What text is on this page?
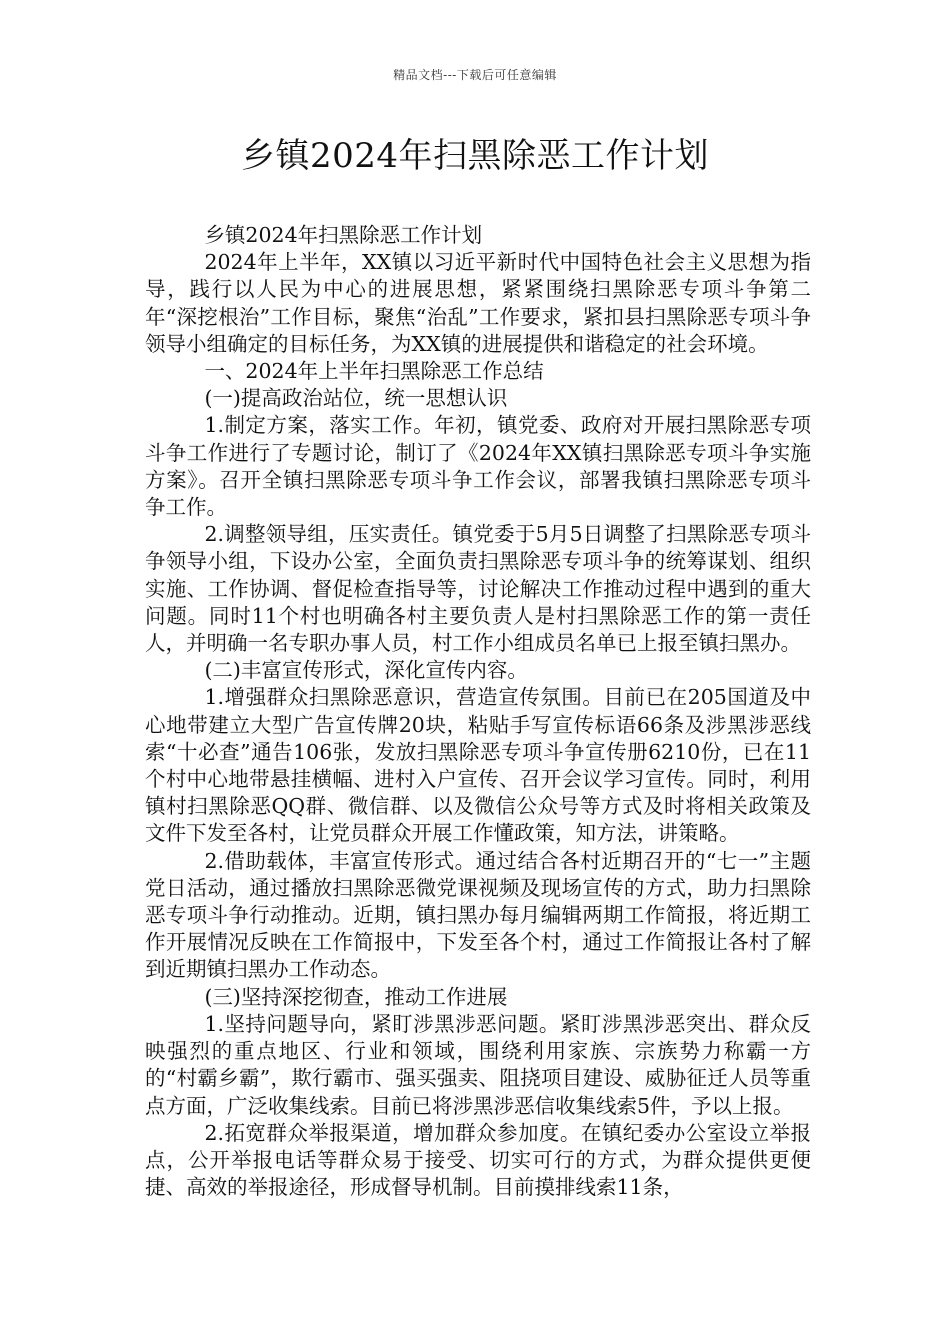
精品文档---下载后可任意编辑
乡镇2024年扫黑除恶工作计划

乡镇2024年扫黑除恶工作计划

2024年上半年，XX镇以习近平新时代中国特色社会主义思想为指导，践行以人民为中心的进展思想，紧紧围绕扫黑除恶专项斗争第二年“深挖根治”工作目标，聚焦“治乱”工作要求，紧扣县扫黑除恶专项斗争领导小组确定的目标任务，为XX镇的进展提供和谐稳定的社会环境。

一、2024年上半年扫黑除恶工作总结

(一)提高政治站位，统一思想认识

1.制定方案，落实工作。年初，镇党委、政府对开展扫黑除恶专项斗争工作进行了专题讨论，制订了《2024年XX镇扫黑除恶专项斗争实施方案》。召开全镇扫黑除恶专项斗争工作会议，部署我镇扫黑除恶专项斗争工作。

2.调整领导组，压实责任。镇党委于5月5日调整了扫黑除恶专项斗争领导小组，下设办公室，全面负责扫黑除恶专项斗争的统筹谋划、组织实施、工作协调、督促检查指导等，讨论解决工作推动过程中遇到的重大问题。同时11个村也明确各村主要负责人是村扫黑除恶工作的第一责任人，并明确一名专职办事人员，村工作小组成员名单已上报至镇扫黑办。

(二)丰富宣传形式，深化宣传内容。

1.增强群众扫黑除恶意识，营造宣传氛围。目前已在205国道及中心地带建立大型广告宣传牌20块，粘贴手写宣传标语66条及涉黑涉恶线索“十必查”通告106张，发放扫黑除恶专项斗争宣传册6210份，已在11个村中心地带悬挂横幅、进村入户宣传、召开会议学习宣传。同时，利用镇村扫黑除恶QQ群、微信群、以及微信公众号等方式及时将相关政策及文件下发至各村，让党员群众开展工作懂政策，知方法，讲策略。

2.借助载体，丰富宣传形式。通过结合各村近期召开的“七一”主题党日活动，通过播放扫黑除恶微党课视频及现场宣传的方式，助力扫黑除恶专项斗争行动推动。近期，镇扫黑办每月编辑两期工作简报，将近期工作开展情况反映在工作简报中，下发至各个村，通过工作简报让各村了解到近期镇扫黑办工作动态。

(三)坚持深挖彻查，推动工作进展

1.坚持问题导向，紧盯涉黑涉恶问题。紧盯涉黑涉恶突出、群众反映强烈的重点地区、行业和领域，围绕利用家族、宗族势力称霸一方的“村霸乡霸”，欺行霸市、强买强卖、阻挠项目建设、威胁征迁人员等重点方面，广泛收集线索。目前已将涉黑涉恶信收集线索5件，予以上报。

2.拓宽群众举报渠道，增加群众参加度。在镇纪委办公室设立举报点，公开举报电话等群众易于接受、切实可行的方式，为群众提供更便捷、高效的举报途径，形成督导机制。目前摸排线索11条，
